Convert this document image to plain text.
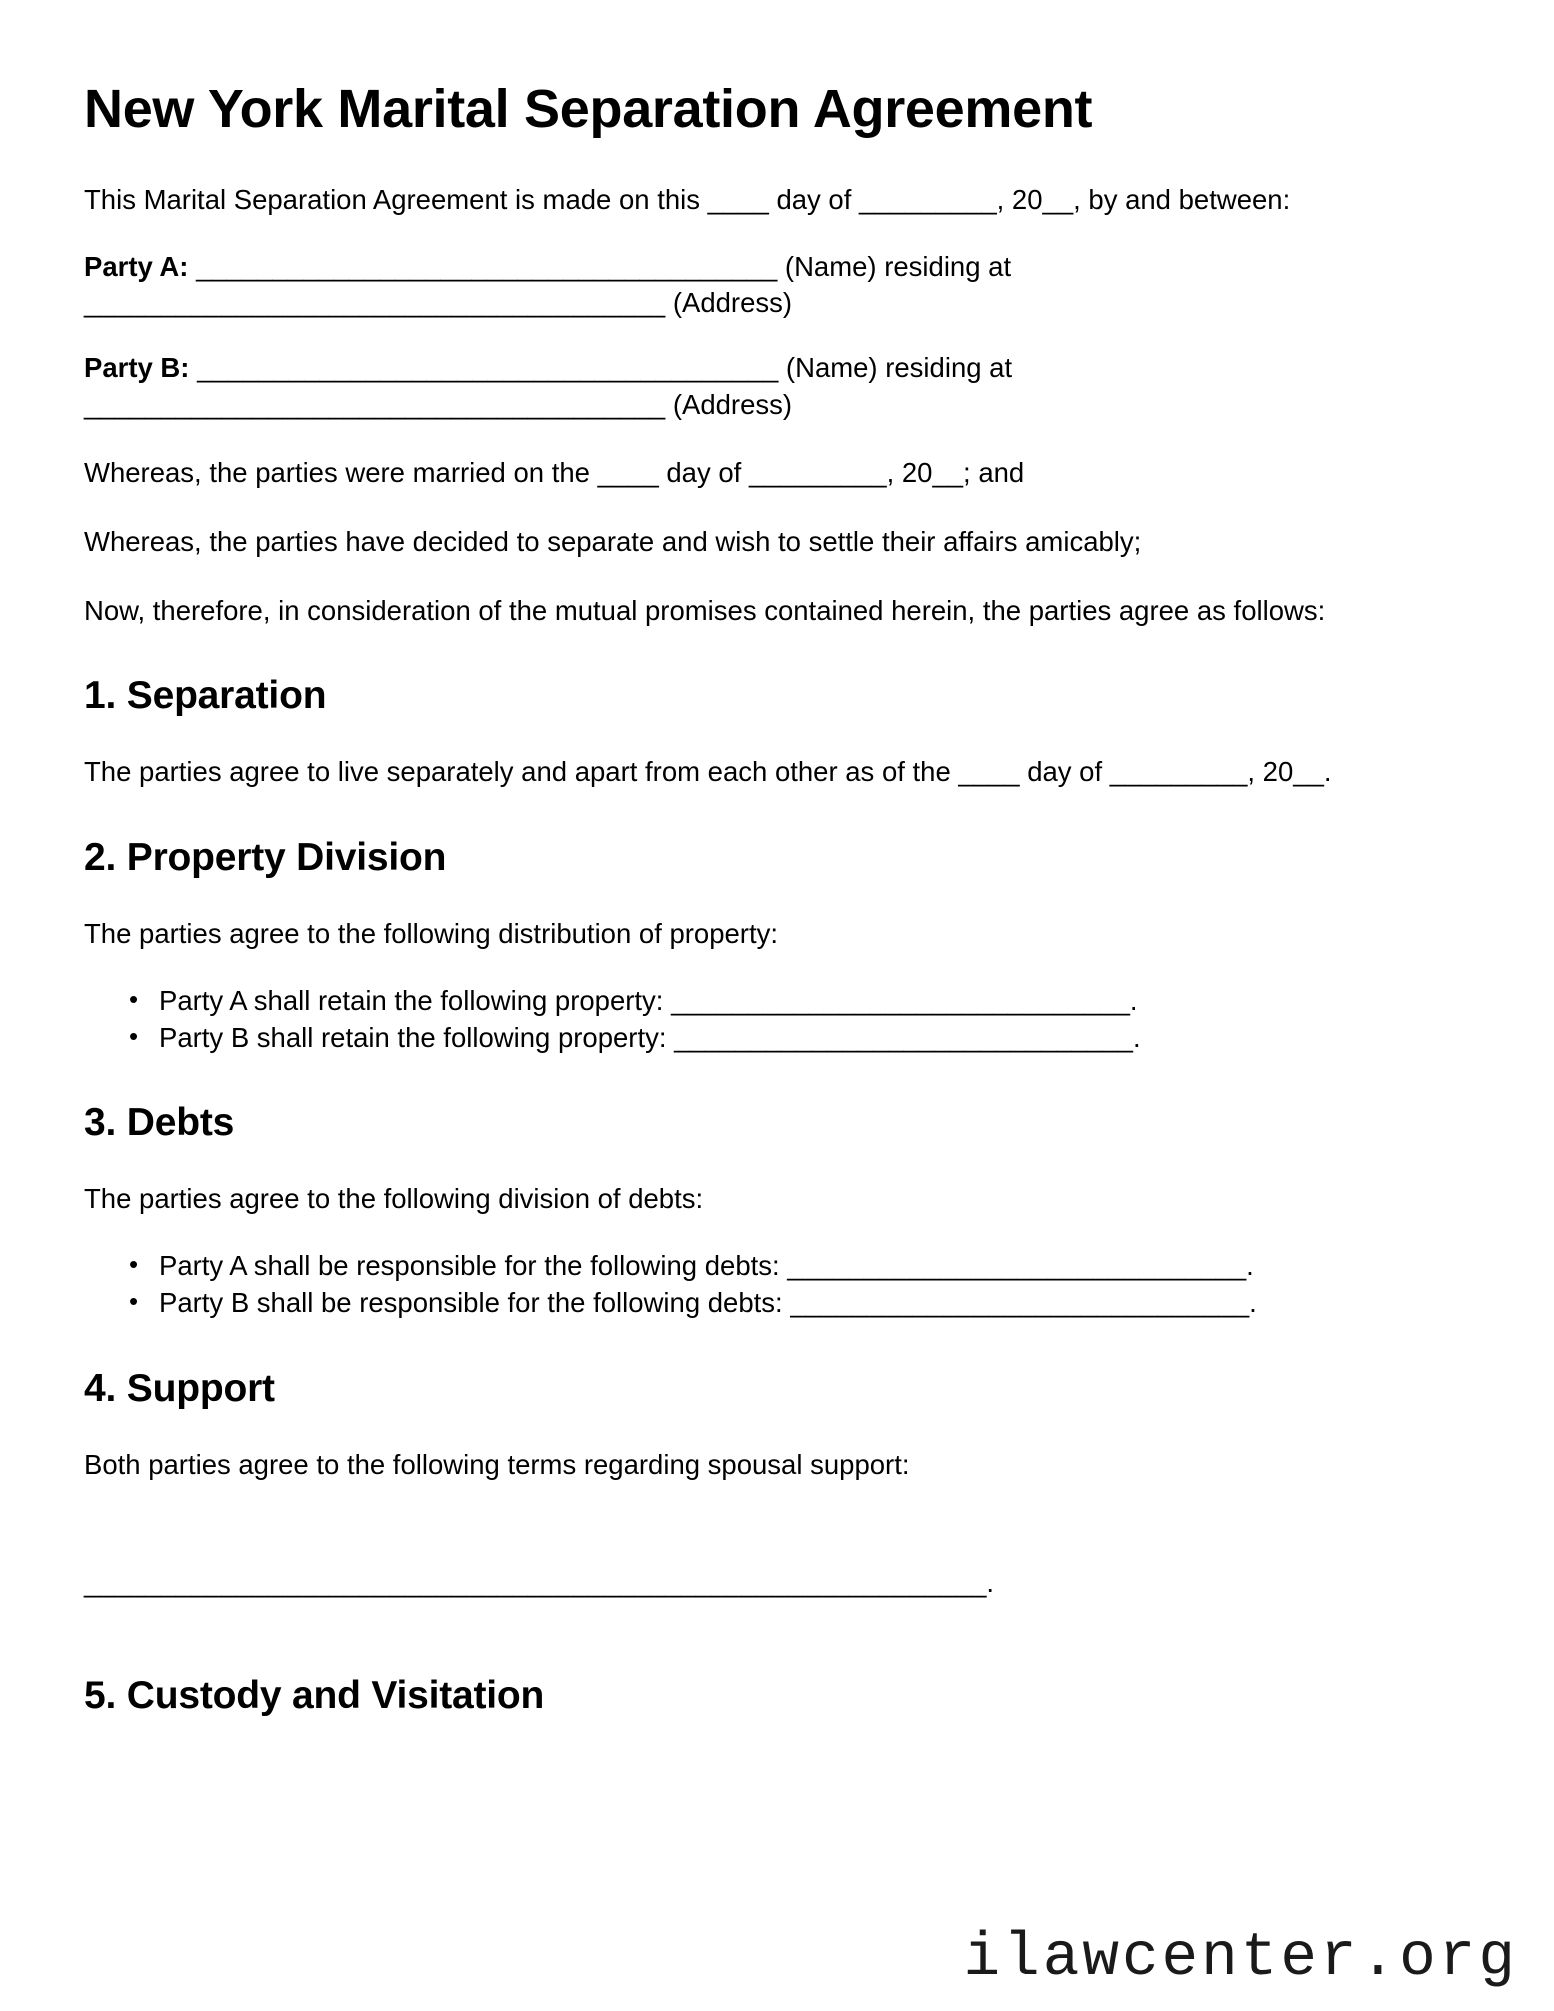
New York Marital Separation Agreement

This Marital Separation Agreement is made on this ____ day of _________, 20__, by and between:

Party A: ______________________________________ (Name) residing at
______________________________________ (Address)

Party B: ______________________________________ (Name) residing at
______________________________________ (Address)

Whereas, the parties were married on the ____ day of _________, 20__; and

Whereas, the parties have decided to separate and wish to settle their affairs amicably;

Now, therefore, in consideration of the mutual promises contained herein, the parties agree as follows:

1. Separation

The parties agree to live separately and apart from each other as of the ____ day of _________, 20__.

2. Property Division

The parties agree to the following distribution of property:

• Party A shall retain the following property: ______________________________.
• Party B shall retain the following property: ______________________________.
3. Debts

The parties agree to the following division of debts:

• Party A shall be responsible for the following debts: ______________________________.
• Party B shall be responsible for the following debts: ______________________________.
4. Support

Both parties agree to the following terms regarding spousal support:

___________________________________________________________.

5. Custody and Visitation
ilawcenter.org
